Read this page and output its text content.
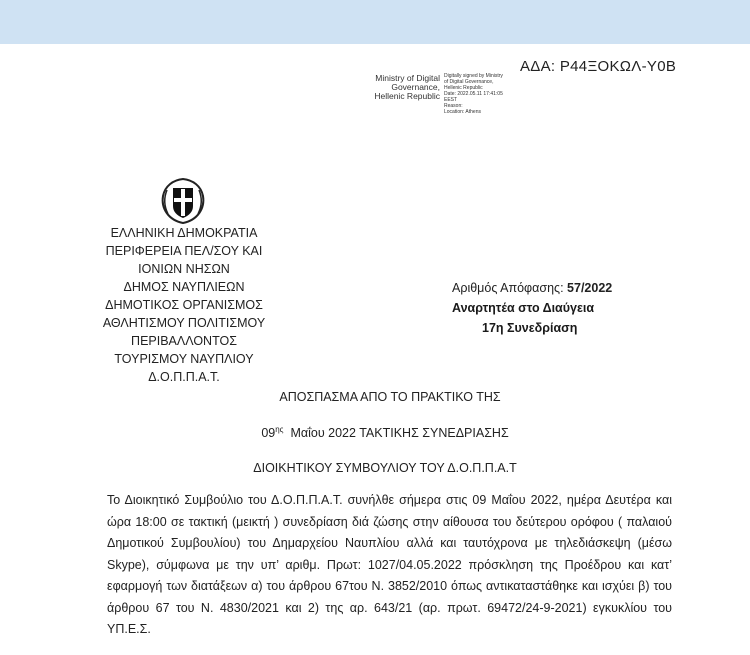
ΑΔΑ: Ρ44ΞΟΚΩΛ-Υ0Β
Ministry of Digital
Governance,
Hellenic Republic
Digitally signed by Ministry
of Digital Governance,
Hellenic Republic
Date: 2022.05.11 17:41:05
EEST
Reason:
Location: Athens
ΕΛΛΗΝΙΚΗ ΔΗΜΟΚΡΑΤΙΑ
ΠΕΡΙΦΕΡΕΙΑ ΠΕΛ/ΣΟΥ ΚΑΙ
ΙΟΝΙΩΝ ΝΗΣΩΝ
ΔΗΜΟΣ ΝΑΥΠΛΙΕΩΝ
ΔΗΜΟΤΙΚΟΣ ΟΡΓΑΝΙΣΜΟΣ
ΑΘΛΗΤΙΣΜΟΥ ΠΟΛΙΤΙΣΜΟΥ
ΠΕΡΙΒΑΛΛΟΝΤΟΣ
ΤΟΥΡΙΣΜΟΥ ΝΑΥΠΛΙΟΥ
Δ.Ο.Π.Π.Α.Τ.
Αριθμός Απόφασης: 57/2022
Αναρτητέα στο Διαύγεια
17η Συνεδρίαση
ΑΠΟΣΠΑΣΜΑ ΑΠΟ ΤΟ ΠΡΑΚΤΙΚΟ ΤΗΣ
$09^{\eta\varsigma}$  Μαΐου 2022 ΤΑΚΤΙΚΗΣ ΣΥΝΕΔΡΙΑΣΗΣ
ΔΙΟΙΚΗΤΙΚΟΥ ΣΥΜΒΟΥΛΙΟΥ ΤΟΥ Δ.Ο.Π.Π.Α.Τ
Το Διοικητικό Συμβούλιο του Δ.Ο.Π.Π.Α.Τ. συνήλθε σήμερα στις 09 Μαΐου 2022, ημέρα Δευτέρα και ώρα 18:00 σε τακτική (μεικτή ) συνεδρίαση διά ζώσης στην αίθουσα του δεύτερου ορόφου ( παλαιού Δημοτικού Συμβουλίου) του Δημαρχείου Ναυπλίου αλλά και ταυτόχρονα με τηλεδιάσκεψη (μέσω Skype), σύμφωνα με την υπ’ αριθμ. Πρωτ: 1027/04.05.2022 πρόσκληση της Προέδρου και κατ’ εφαρμογή των διατάξεων α) του άρθρου 67του Ν. 3852/2010 όπως αντικαταστάθηκε και ισχύει β) του άρθρου 67 του Ν. 4830/2021 και 2) της αρ. 643/21 (αρ. πρωτ. 69472/24-9-2021) εγκυκλίου του ΥΠ.Ε.Σ.
